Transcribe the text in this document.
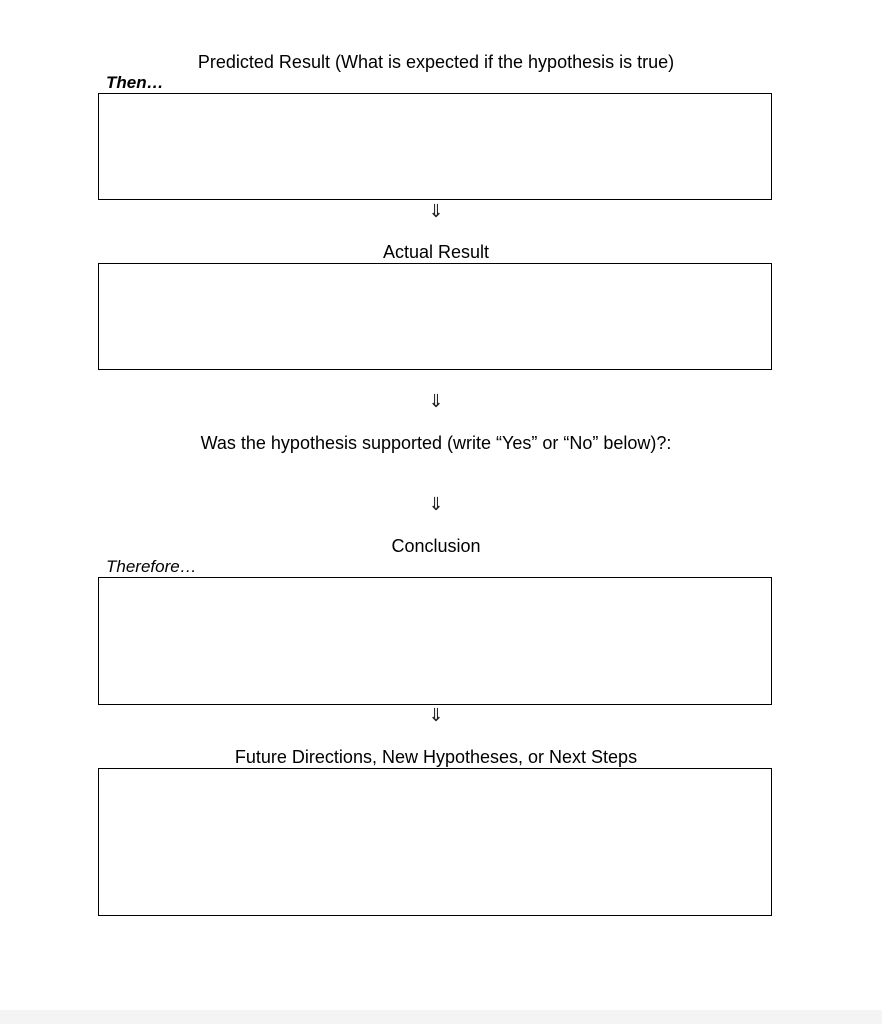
Predicted Result (What is expected if the hypothesis is true)
Then…
⇓
Actual Result
⇓
Was the hypothesis supported (write “Yes” or “No” below)?:
⇓
Conclusion
Therefore…
⇓
Future Directions, New Hypotheses, or Next Steps
